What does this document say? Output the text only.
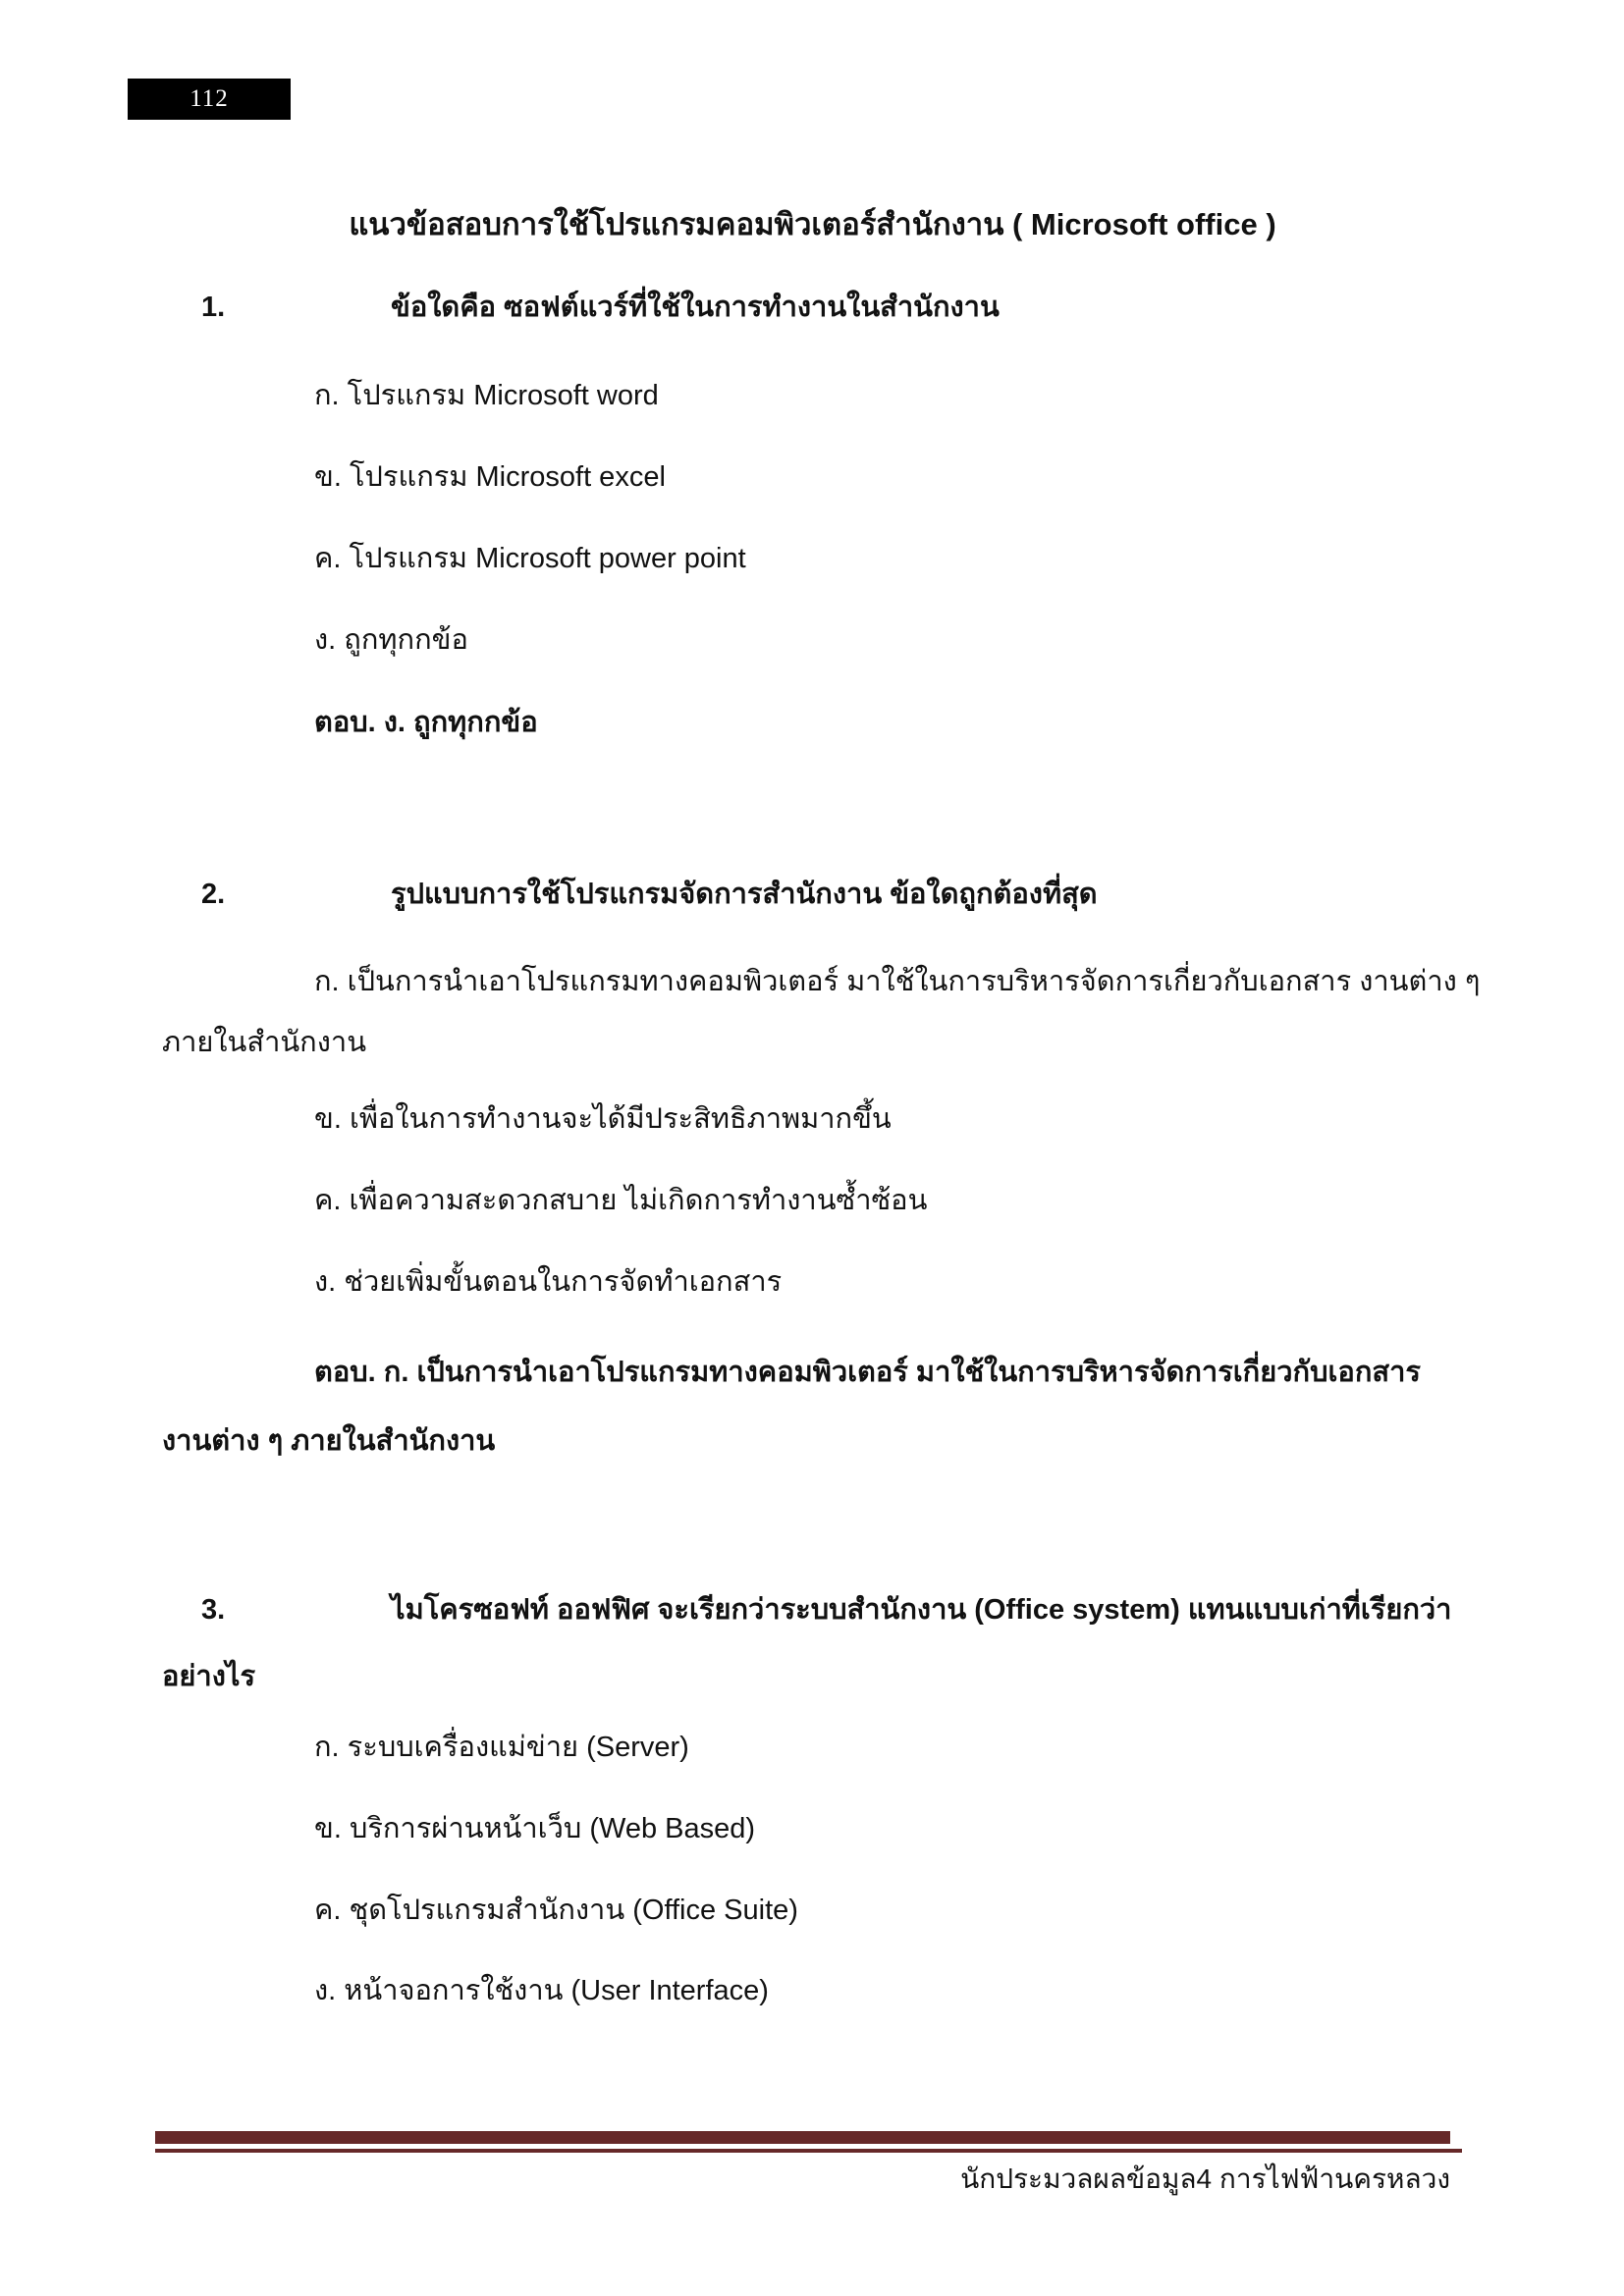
112
แนวข้อสอบการใช้โปรแกรมคอมพิวเตอร์สำนักงาน ( Microsoft office )
1.	ข้อใดคือ ซอฟต์แวร์ที่ใช้ในการทำงานในสำนักงาน
ก. โปรแกรม Microsoft word
ข. โปรแกรม Microsoft excel
ค. โปรแกรม Microsoft power point
ง. ถูกทุกกข้อ
ตอบ. ง. ถูกทุกกข้อ
2.	รูปแบบการใช้โปรแกรมจัดการสำนักงาน ข้อใดถูกต้องที่สุด
ก. เป็นการนำเอาโปรแกรมทางคอมพิวเตอร์ มาใช้ในการบริหารจัดการเกี่ยวกับเอกสาร งานต่าง ๆ
ภายในสำนักงาน
ข. เพื่อในการทำงานจะได้มีประสิทธิภาพมากขึ้น
ค. เพื่อความสะดวกสบาย ไม่เกิดการทำงานซ้ำซ้อน
ง. ช่วยเพิ่มขั้นตอนในการจัดทำเอกสาร
ตอบ. ก. เป็นการนำเอาโปรแกรมทางคอมพิวเตอร์ มาใช้ในการบริหารจัดการเกี่ยวกับเอกสาร
งานต่าง ๆ ภายในสำนักงาน
3.	ไมโครซอฟท์ ออฟฟิศ จะเรียกว่าระบบสำนักงาน (Office system) แทนแบบเก่าที่เรียกว่า
อย่างไร
ก. ระบบเครื่องแม่ข่าย (Server)
ข. บริการผ่านหน้าเว็บ (Web Based)
ค. ชุดโปรแกรมสำนักงาน (Office Suite)
ง. หน้าจอการใช้งาน (User Interface)
นักประมวลผลข้อมูล4 การไฟฟ้านครหลวง
